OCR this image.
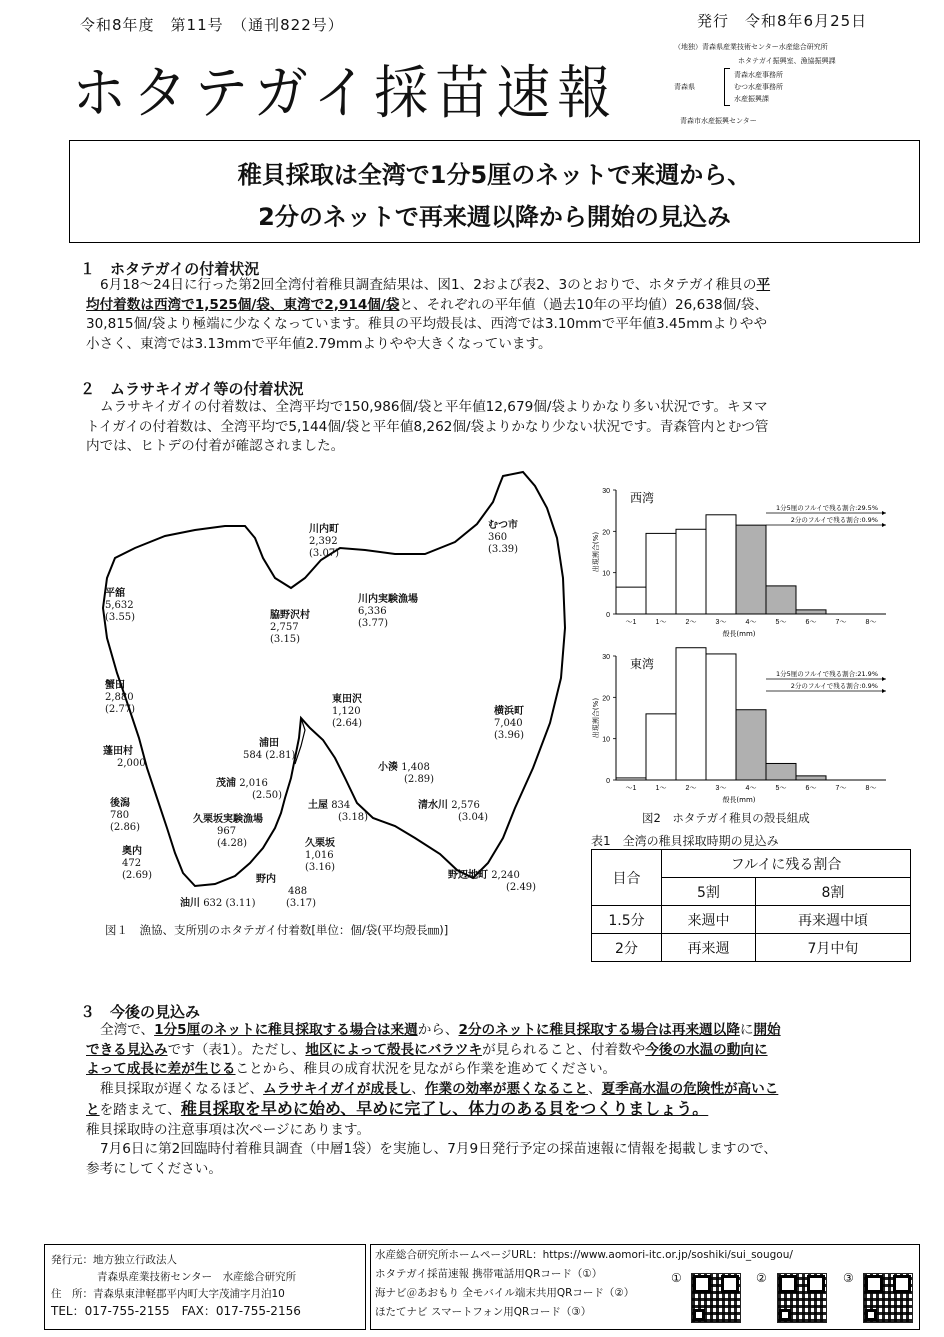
令和8年度　第11号　（通刊822号）	発行　令和8年6月25日
ホタテガイ採苗速報
（地独）青森県産業技術センター水産総合研究所
ホタテガイ振興室、漁協振興課
青森県
青森水産事務所
むつ水産事務所
水産振興課
青森市水産振興センター
稚貝採取は全湾で1分5厘のネットで来週から、
2分のネットで再来週以降から開始の見込み
１　ホタテガイの付着状況
6月18～24日に行った第2回全湾付着稚貝調査結果は、図1、2および表2、3のとおりで、ホタテガイ稚貝の平
均付着数は西湾で1,525個/袋、東湾で2,914個/袋と、それぞれの平年値（過去10年の平均値）26,638個/袋、
30,815個/袋より極端に少なくなっています。稚貝の平均殻長は、西湾では3.10mmで平年値3.45mmよりやや
小さく、東湾では3.13mmで平年値2.79mmよりやや大きくなっています。
２　ムラサキイガイ等の付着状況
ムラサキイガイの付着数は、全湾平均で150,986個/袋と平年値12,679個/袋よりかなり多い状況です。キヌマ
トイガイの付着数は、全湾平均で5,144個/袋と平年値8,262個/袋よりかなり少ない状況です。青森管内とむつ管
内では、ヒトデの付着が確認されました。
川内町
2,392
(3.07)
むつ市
360
(3.39)
平舘
5,632
(3.55)
川内実験漁場
6,336
(3.77)
脇野沢村
2,757
(3.15)
蟹田
2,880
(2.77)
東田沢
1,120
(2.64)
横浜町
7,040
(3.96)
浦田
584 (2.81)
蓬田村
2,000	小湊 1,408
(2.89)
茂浦 2,016
(2.50)
後潟
780
(2.86)
土屋 834
(3.18)
清水川 2,576
(3.04)
久栗坂実験漁場
967
(4.28)
奥内
472
(2.69)
久栗坂
1,016
(3.16)
野内
488
(3.17)
野辺地町 2,240
(2.49)
油川 632 (3.11)
図１　漁協、支所別のホタテガイ付着数[単位：個/袋(平均殻長㎜)]
0
10
20
30
～1	1～	2～	3～	4～	5～	6～	7～	8～
西湾
1分5厘のフルイで残る割合:29.5%
2分のフルイで残る割合:0.9%
殻長(mm)
出現割合(%)
0
10
20
30
～1	1～	2～	3～	4～	5～	6～	7～	8～
東湾
1分5厘のフルイで残る割合:21.9%
2分のフルイで残る割合:0.9%
殻長(mm)
出現割合(%)
図2　ホタテガイ稚貝の殻長組成
表1　全湾の稚貝採取時期の見込み
目合	フルイに残る割合	
	5割	8割
1.5分	来週中	再来週中頃
2分	再来週	7月中旬
３　今後の見込み
全湾で、1分5厘のネットに稚貝採取する場合は来週から、2分のネットに稚貝採取する場合は再来週以降に開始
できる見込みです（表1）。ただし、地区によって殻長にバラツキが見られること、付着数や今後の水温の動向に
よって成長に差が生じることから、稚貝の成育状況を見ながら作業を進めてください。
稚貝採取が遅くなるほど、ムラサキイガイが成長し、作業の効率が悪くなること、夏季高水温の危険性が高いこ
とを踏まえて、稚貝採取を早めに始め、早めに完了し、体力のある貝をつくりましょう。
稚貝採取時の注意事項は次ページにあります。
7月6日に第2回臨時付着稚貝調査（中層1袋）を実施し、7月9日発行予定の採苗速報に情報を掲載しますので、
参考にしてください。
発行元：地方独立行政法人
青森県産業技術センター　水産総合研究所
住　所：青森県東津軽郡平内町大字茂浦字月泊10
TEL：017-755-2155　FAX：017-755-2156
水産総合研究所ホームページURL：https://www.aomori-itc.or.jp/soshiki/sui_sougou/
ホタテガイ採苗速報 携帯電話用QRコード（①）
海ナビ＠あおもり 全モバイル端末共用QRコード（②）
ほたてナビ スマートフォン用QRコード（③）
①	②	③
